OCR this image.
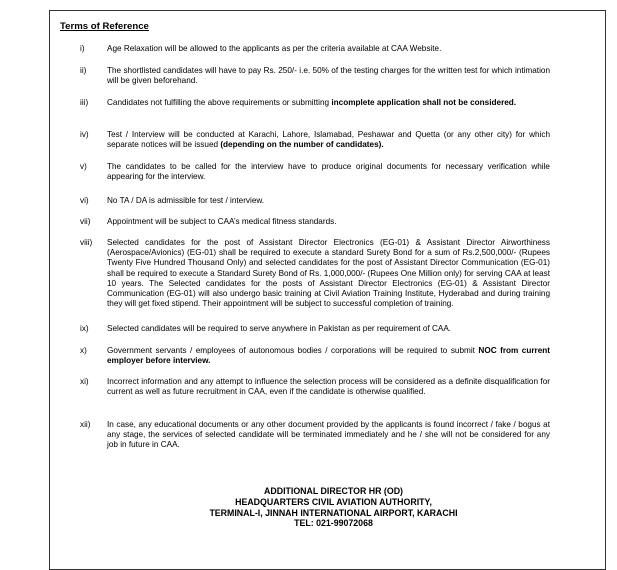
Terms of Reference
i)	Age Relaxation will be allowed to the applicants as per the criteria available at CAA Website.
ii)	The shortlisted candidates will have to pay Rs. 250/- i.e. 50% of the testing charges for the written test for which intimation will be given beforehand.
iii)	Candidates not fulfilling the above requirements or submitting incomplete application shall not be considered.
iv)	Test / Interview will be conducted at Karachi, Lahore, Islamabad, Peshawar and Quetta (or any other city) for which separate notices will be issued (depending on the number of candidates).
v)	The candidates to be called for the interview have to produce original documents for necessary verification while appearing for the interview.
vi)	No TA / DA is admissible for test / interview.
vii)	Appointment will be subject to CAA’s medical fitness standards.
viii)	Selected candidates for the post of Assistant Director Electronics (EG-01) & Assistant Director Airworthiness (Aerospace/Avionics) (EG-01) shall be required to execute a standard Surety Bond for a sum of Rs.2,500,000/- (Rupees Twenty Five Hundred Thousand Only) and selected candidates for the post of Assistant Director Communication (EG-01) shall be required to execute a Standard Surety Bond of Rs. 1,000,000/- (Rupees One Million only) for serving CAA at least 10 years. The Selected candidates for the posts of Assistant Director Electronics (EG-01) & Assistant Director Communication (EG-01) will also undergo basic training at Civil Aviation Training Institute, Hyderabad and during training they will get fixed stipend. Their appointment will be subject to successful completion of training.
ix)	Selected candidates will be required to serve anywhere in Pakistan as per requirement of CAA.
x)	Government servants / employees of autonomous bodies / corporations will be required to submit NOC from current employer before interview.
xi)	Incorrect information and any attempt to influence the selection process will be considered as a definite disqualification for current as well as future recruitment in CAA, even if the candidate is otherwise qualified.
xii)	In case, any educational documents or any other document provided by the applicants is found incorrect / fake / bogus at any stage, the services of selected candidate will be terminated immediately and he / she will not be considered for any job in future in CAA.
ADDITIONAL DIRECTOR HR (OD)
HEADQUARTERS CIVIL AVIATION AUTHORITY,
TERMINAL-I, JINNAH INTERNATIONAL AIRPORT, KARACHI
TEL: 021-99072068
